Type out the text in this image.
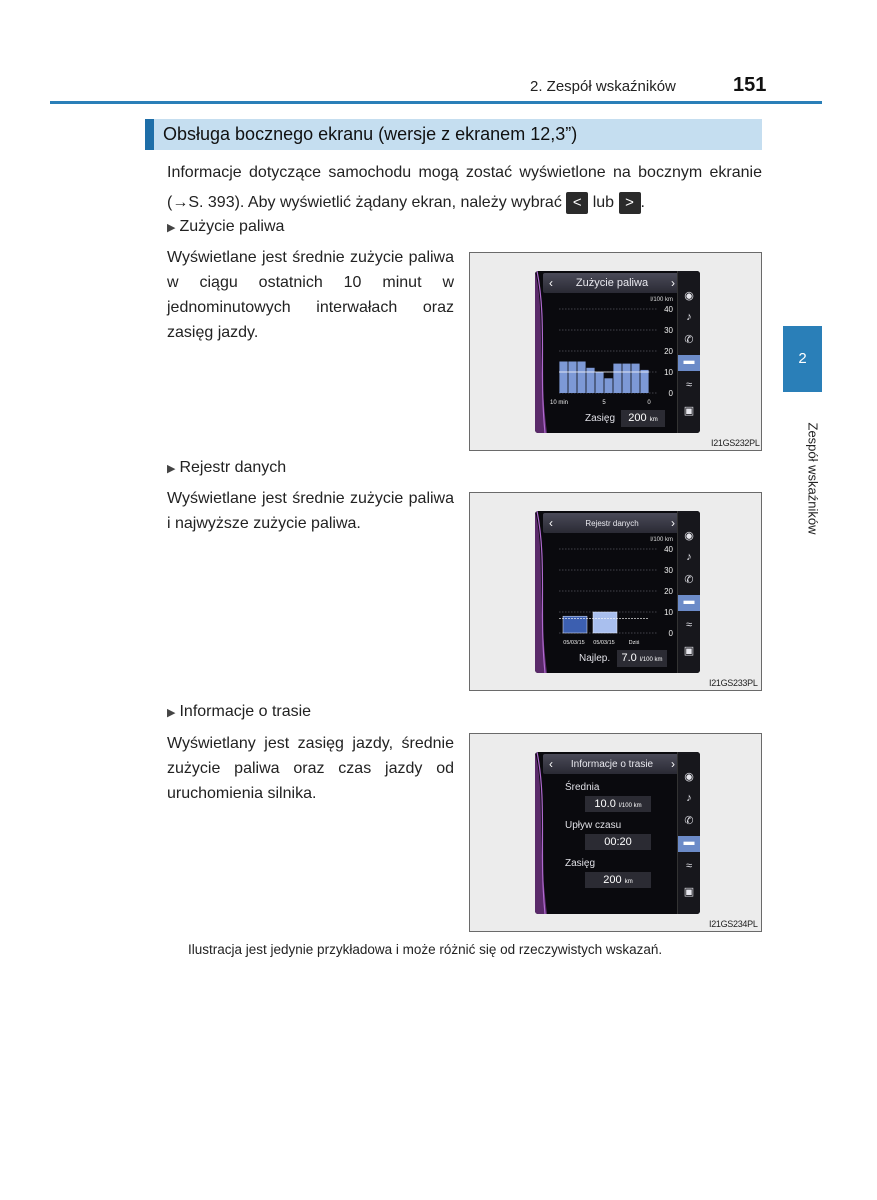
2. Zespół wskaźników	151
Obsługa bocznego ekranu (wersje z ekranem 12,3”)
Informacje dotyczące samochodu mogą zostać wyświetlone na bocznym ekranie (→S. 393). Aby wyświetlić żądany ekran, należy wybrać < lub > .
▶ Zużycie paliwa
Wyświetlane jest średnie zużycie paliwa w ciągu ostatnich 10 minut w jednominutowych interwałach oraz zasięg jazdy.
‹ Zużycie paliwa ›
l/100 km
40
30
20
10
0
10 min	5	0
Zasięg	200 km
◉
♪
✆
▬
≈
▣
I21GS232PL
▶ Rejestr danych
Wyświetlane jest średnie zużycie paliwa i najwyższe zużycie paliwa.	‹	Rejestr danych	›
l/100 km
40
30
20
10
0
05/03/15 05/03/15	Dziś
Najlep.	7.0 l/100 km
◉
♪
✆
▬
≈
▣
I21GS233PL
▶ Informacje o trasie
Wyświetlany jest zasięg jazdy, średnie zużycie paliwa oraz czas jazdy od uruchomienia silnika.
‹ Informacje o trasie ›
Średnia
10.0 l/100 km
Upływ czasu
00:20
Zasięg
200 km
◉
♪
✆
▬
≈
▣
I21GS234PL
2
Zespół wskaźników
Ilustracja jest jedynie przykładowa i może różnić się od rzeczywistych wskazań.
